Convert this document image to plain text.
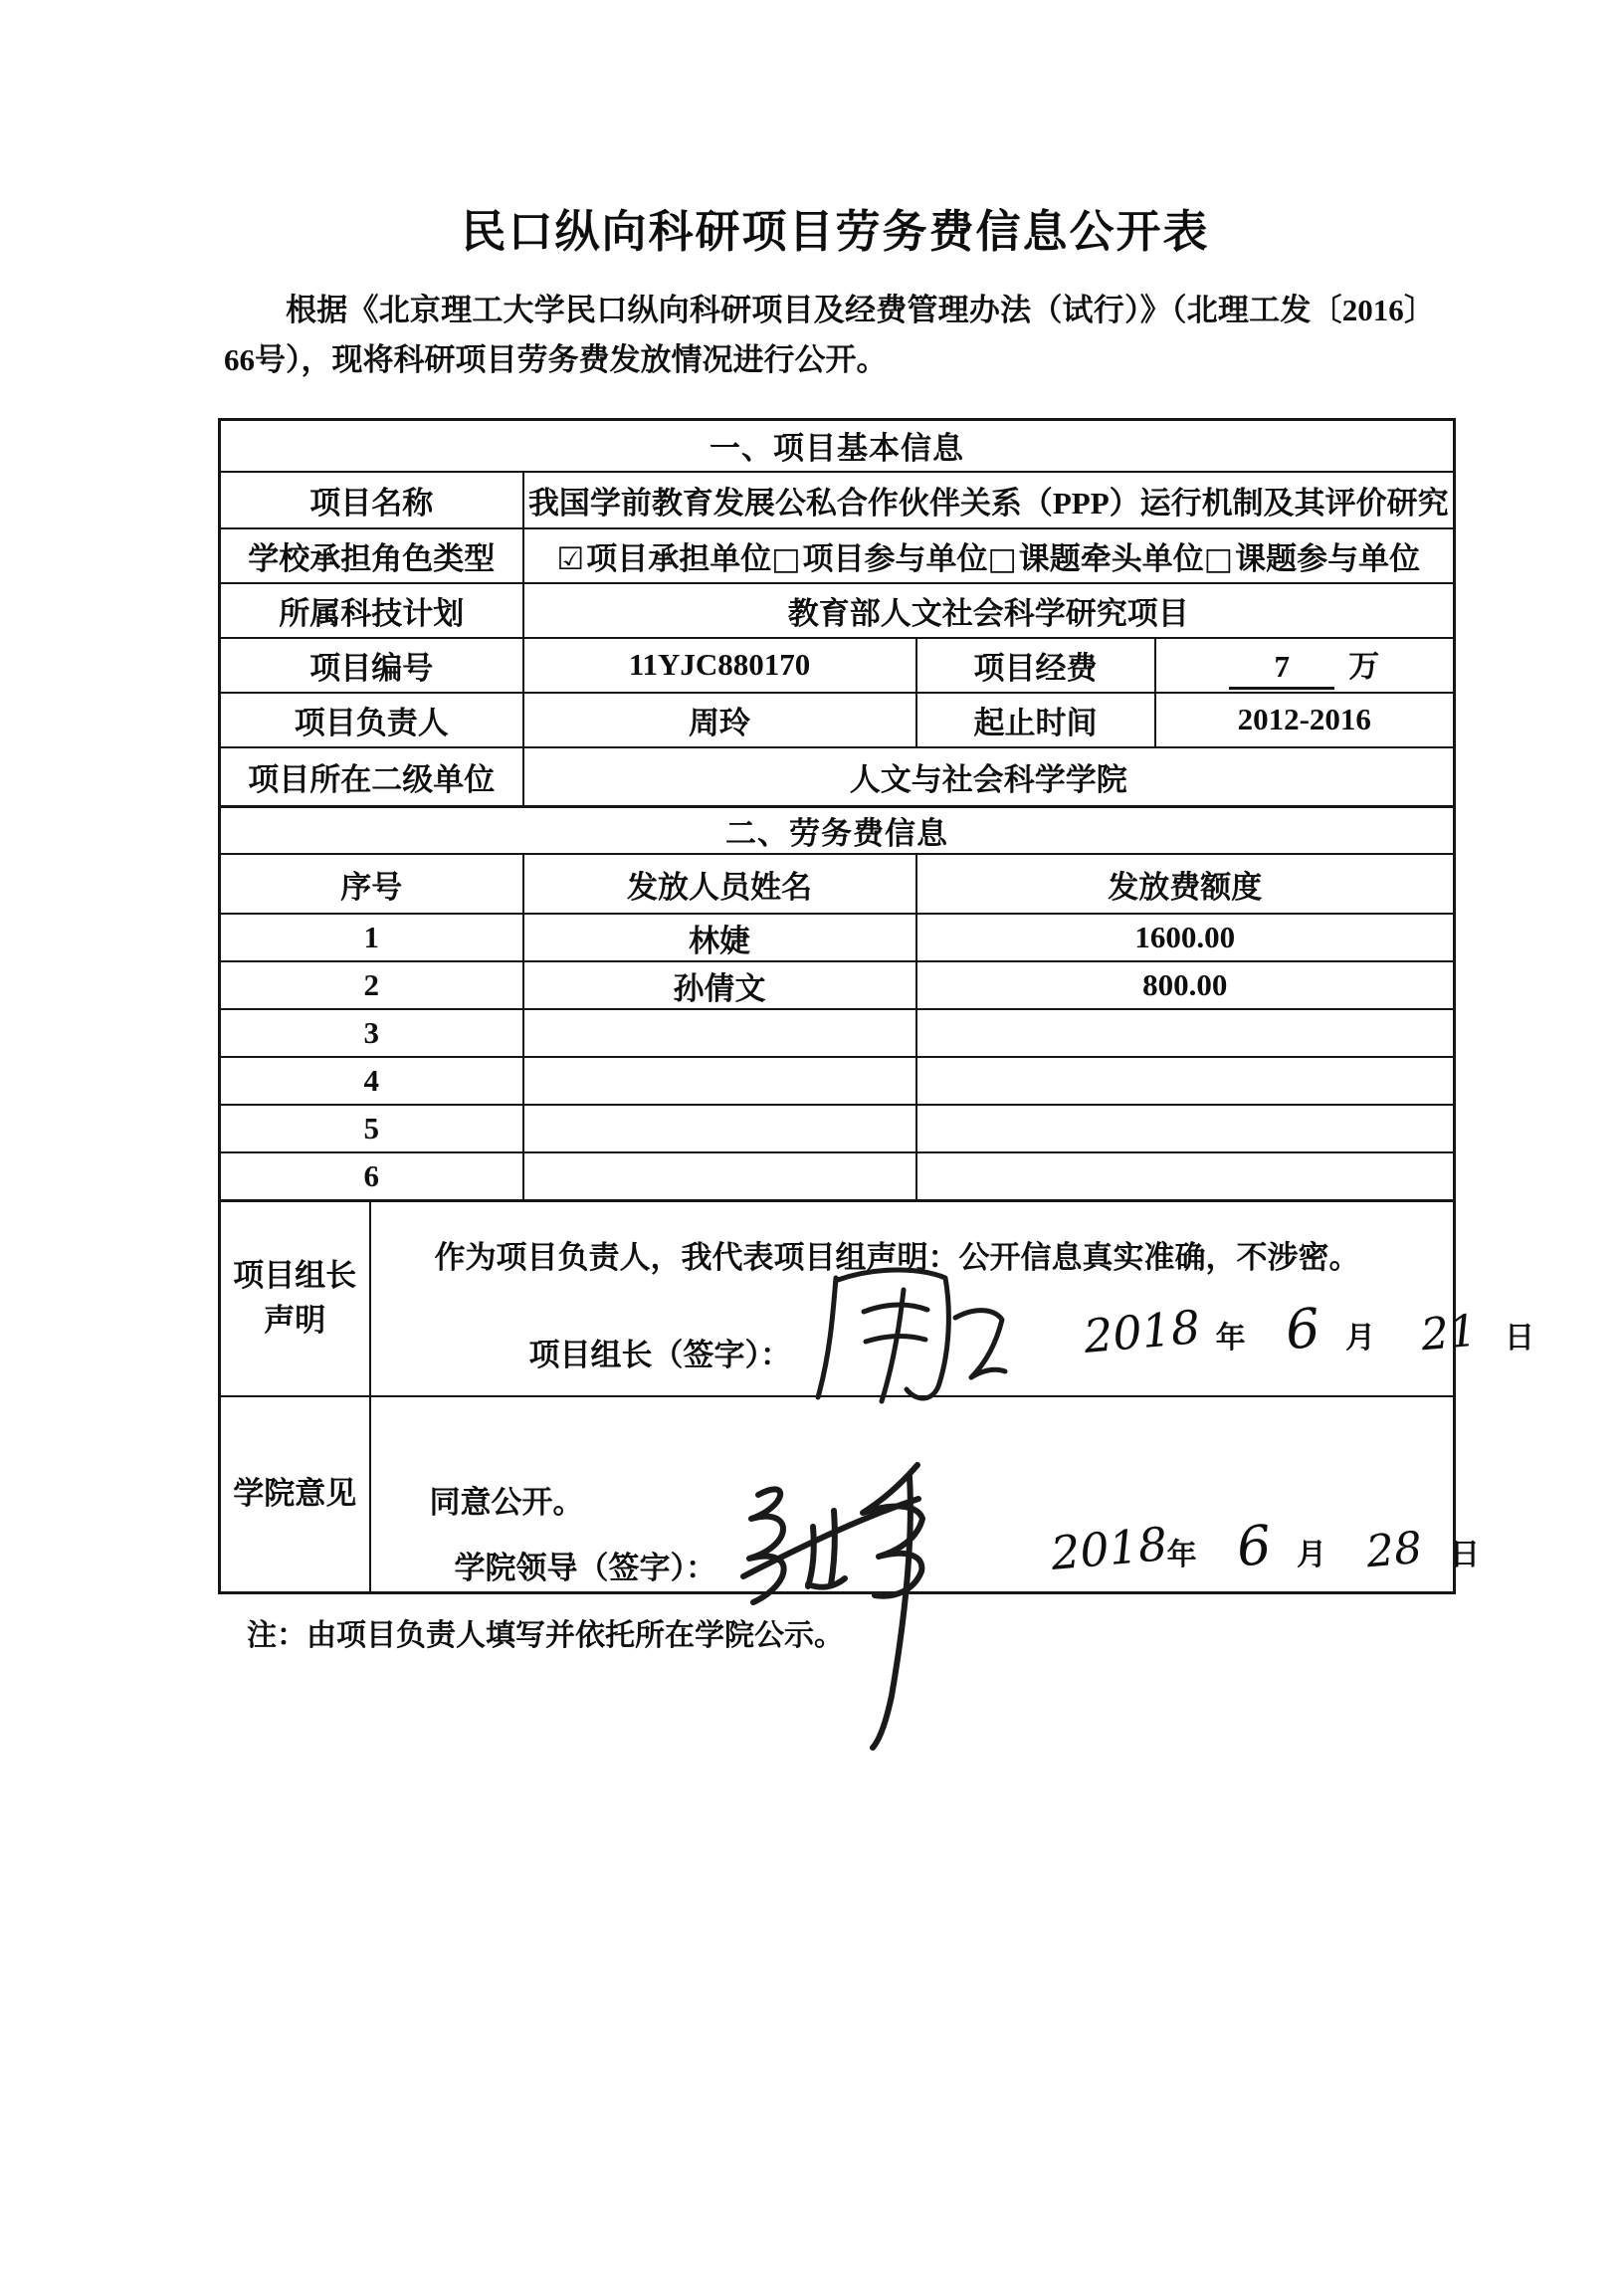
民口纵向科研项目劳务费信息公开表

根据《北京理工大学民口纵向科研项目及经费管理办法（试行）》（北理工发〔2016〕66号），现将科研项目劳务费发放情况进行公开。

一、项目基本信息			
项目名称	我国学前教育发展公私合作伙伴关系（PPP）运行机制及其评价研究		
学校承担角色类型	☑项目承担单位□项目参与单位□课题牵头单位□课题参与单位		
所属科技计划	教育部人文社会科学研究项目		
项目编号	11YJC880170	项目经费	7 万
项目负责人	周玲	起止时间	2012-2016
项目所在二级单位	人文与社会科学学院		
二、劳务费信息		
序号	发放人员姓名	发放费额度
1	林婕	1600.00
2	孙倩文	800.00
3		
4		
5		
6		
项目组长声明	
作为项目负责人，我代表项目组声明：公开信息真实准确，不涉密。
项目组长（签字）：	2018 年 6 月 21 日

学院意见	同意公开。
学院领导（签字）：	2018
年 6 月 28 日

注：由项目负责人填写并依托所在学院公示。
